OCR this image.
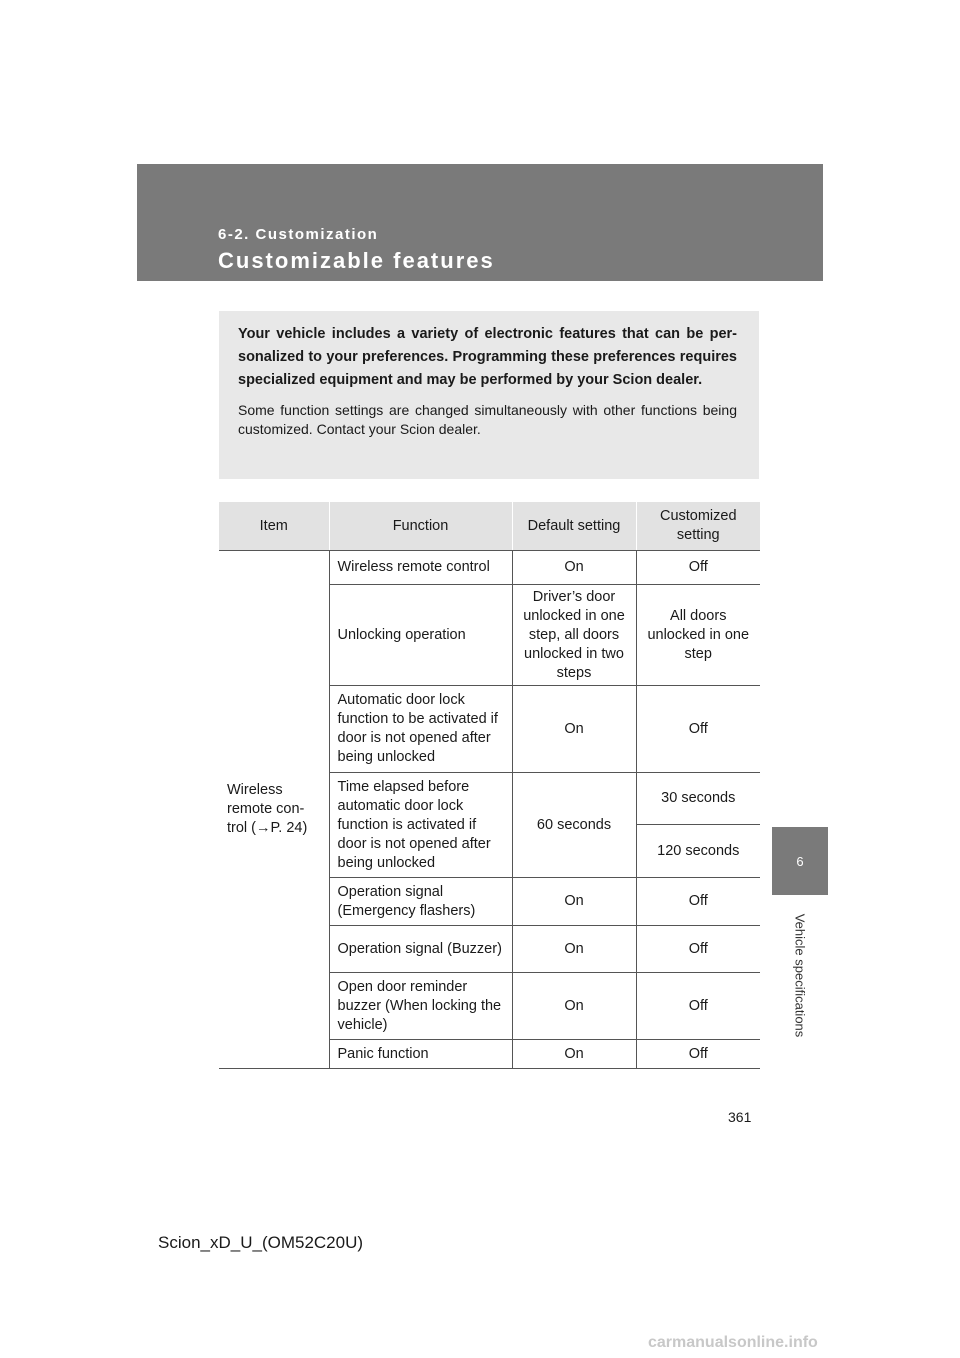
6-2. Customization
Customizable features
6
Vehicle specifications

Your vehicle includes a variety of electronic features that can be per-sonalized to your preferences. Programming these preferences requires specialized equipment and may be performed by your Scion dealer.

Some function settings are changed simultaneously with other functions being customized. Contact your Scion dealer.

Item	Function	Default setting	Customized setting
Wireless remote con-trol (→P. 24)	Wireless remote control	On	Off
	Unlocking operation	Driver’s door unlocked in one step, all doors unlocked in two steps	All doors unlocked in one step
	Automatic door lock function to be activated if door is not opened after being unlocked	On	Off
	Time elapsed before automatic door lock function is activated if door is not opened after being unlocked	60 seconds	30 seconds
			120 seconds
	Operation signal (Emergency flashers)	On	Off
	Operation signal (Buzzer)	On	Off
	Open door reminder buzzer (When locking the vehicle)	On	Off
	Panic function	On	Off
361
Scion_xD_U_(OM52C20U)
carmanualsonline.info
